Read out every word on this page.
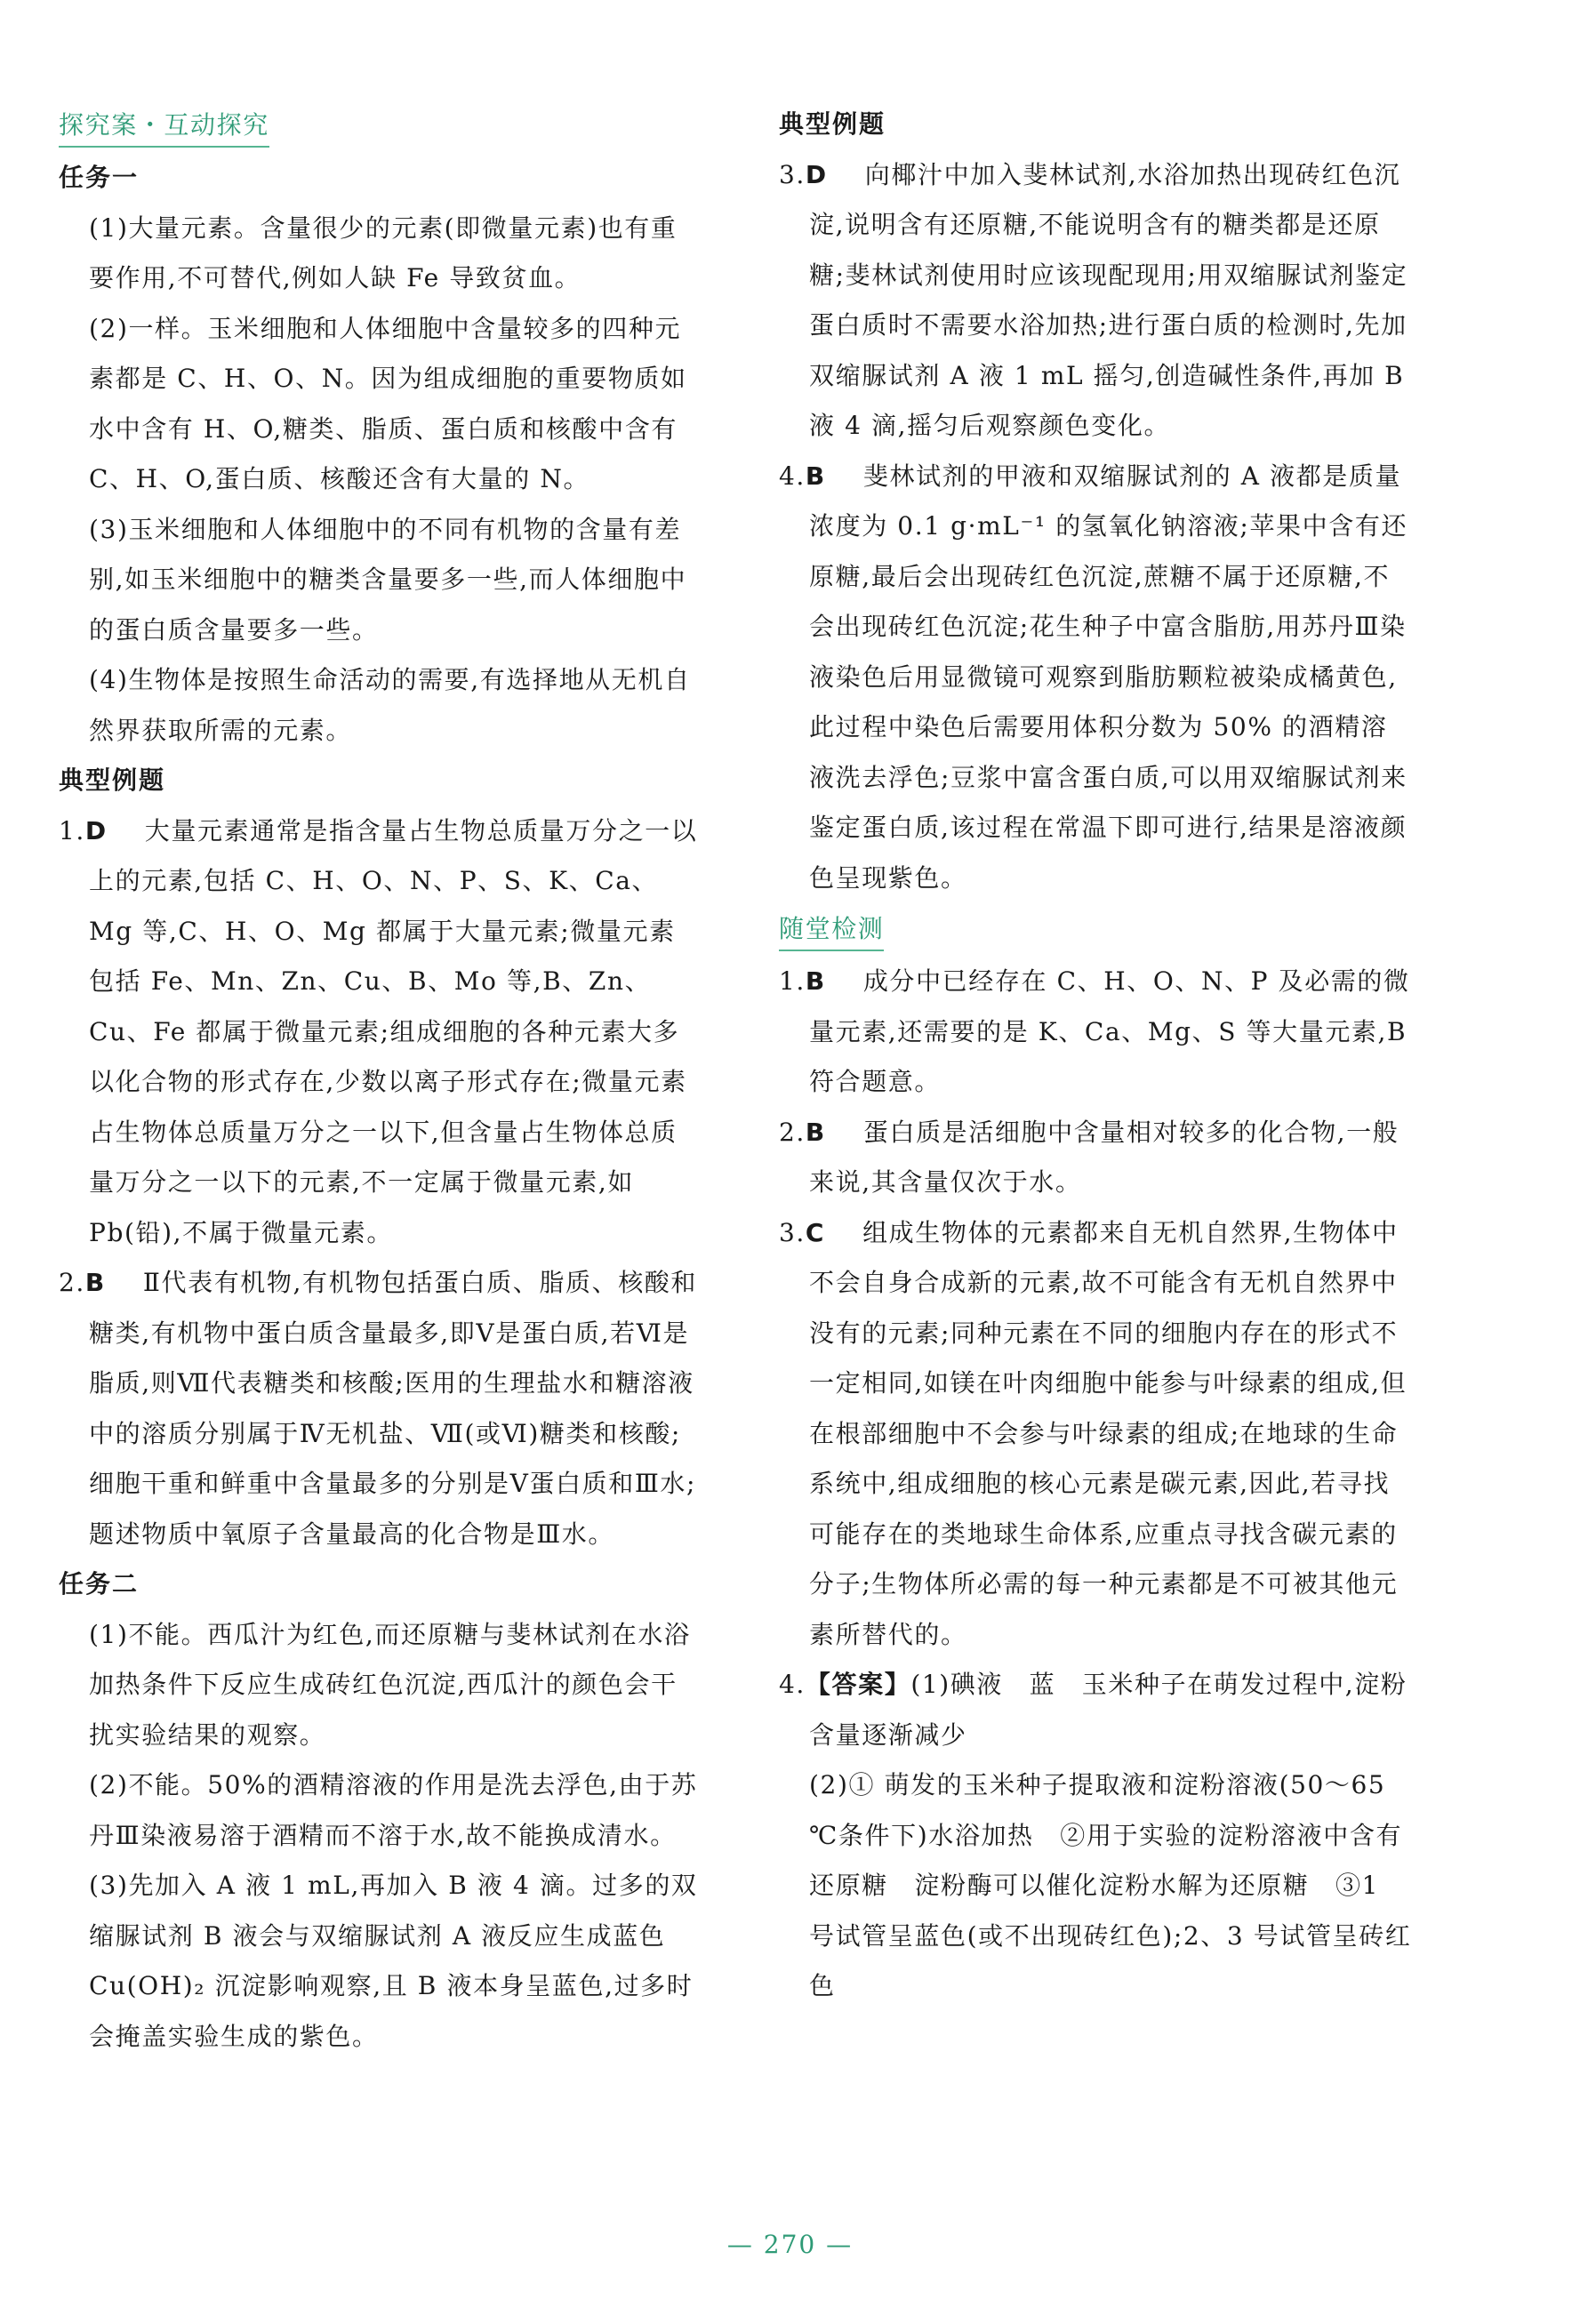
探究案・互动探究
任务一

(1)大量元素。含量很少的元素(即微量元素)也有重要作用,不可替代,例如人缺 Fe 导致贫血。

(2)一样。玉米细胞和人体细胞中含量较多的四种元素都是 C、H、O、N。因为组成细胞的重要物质如水中含有 H、O,糖类、脂质、蛋白质和核酸中含有 C、H、O,蛋白质、核酸还含有大量的 N。

(3)玉米细胞和人体细胞中的不同有机物的含量有差别,如玉米细胞中的糖类含量要多一些,而人体细胞中的蛋白质含量要多一些。

(4)生物体是按照生命活动的需要,有选择地从无机自然界获取所需的元素。

典型例题

1.D 大量元素通常是指含量占生物总质量万分之一以上的元素,包括 C、H、O、N、P、S、K、Ca、Mg 等,C、H、O、Mg 都属于大量元素;微量元素包括 Fe、Mn、Zn、Cu、B、Mo 等,B、Zn、Cu、Fe 都属于微量元素;组成细胞的各种元素大多以化合物的形式存在,少数以离子形式存在;微量元素占生物体总质量万分之一以下,但含量占生物体总质量万分之一以下的元素,不一定属于微量元素,如 Pb(铅),不属于微量元素。

2.B Ⅱ代表有机物,有机物包括蛋白质、脂质、核酸和糖类,有机物中蛋白质含量最多,即Ⅴ是蛋白质,若Ⅵ是脂质,则Ⅶ代表糖类和核酸;医用的生理盐水和糖溶液中的溶质分别属于Ⅳ无机盐、Ⅶ(或Ⅵ)糖类和核酸;细胞干重和鲜重中含量最多的分别是Ⅴ蛋白质和Ⅲ水;题述物质中氧原子含量最高的化合物是Ⅲ水。

任务二

(1)不能。西瓜汁为红色,而还原糖与斐林试剂在水浴加热条件下反应生成砖红色沉淀,西瓜汁的颜色会干扰实验结果的观察。

(2)不能。50%的酒精溶液的作用是洗去浮色,由于苏丹Ⅲ染液易溶于酒精而不溶于水,故不能换成清水。

(3)先加入 A 液 1 mL,再加入 B 液 4 滴。过多的双缩脲试剂 B 液会与双缩脲试剂 A 液反应生成蓝色 Cu(OH)₂ 沉淀影响观察,且 B 液本身呈蓝色,过多时会掩盖实验生成的紫色。

典型例题

3.D 向椰汁中加入斐林试剂,水浴加热出现砖红色沉淀,说明含有还原糖,不能说明含有的糖类都是还原糖;斐林试剂使用时应该现配现用;用双缩脲试剂鉴定蛋白质时不需要水浴加热;进行蛋白质的检测时,先加双缩脲试剂 A 液 1 mL 摇匀,创造碱性条件,再加 B 液 4 滴,摇匀后观察颜色变化。

4.B 斐林试剂的甲液和双缩脲试剂的 A 液都是质量浓度为 0.1 g·mL⁻¹ 的氢氧化钠溶液;苹果中含有还原糖,最后会出现砖红色沉淀,蔗糖不属于还原糖,不会出现砖红色沉淀;花生种子中富含脂肪,用苏丹Ⅲ染液染色后用显微镜可观察到脂肪颗粒被染成橘黄色,此过程中染色后需要用体积分数为 50% 的酒精溶液洗去浮色;豆浆中富含蛋白质,可以用双缩脲试剂来鉴定蛋白质,该过程在常温下即可进行,结果是溶液颜色呈现紫色。

随堂检测

1.B 成分中已经存在 C、H、O、N、P 及必需的微量元素,还需要的是 K、Ca、Mg、S 等大量元素,B 符合题意。

2.B 蛋白质是活细胞中含量相对较多的化合物,一般来说,其含量仅次于水。

3.C 组成生物体的元素都来自无机自然界,生物体中不会自身合成新的元素,故不可能含有无机自然界中没有的元素;同种元素在不同的细胞内存在的形式不一定相同,如镁在叶肉细胞中能参与叶绿素的组成,但在根部细胞中不会参与叶绿素的组成;在地球的生命系统中,组成细胞的核心元素是碳元素,因此,若寻找可能存在的类地球生命体系,应重点寻找含碳元素的分子;生物体所必需的每一种元素都是不可被其他元素所替代的。

4.【答案】(1)碘液　蓝　玉米种子在萌发过程中,淀粉含量逐渐减少

(2)① 萌发的玉米种子提取液和淀粉溶液(50～65 ℃条件下)水浴加热　②用于实验的淀粉溶液中含有还原糖　淀粉酶可以催化淀粉水解为还原糖　③1 号试管呈蓝色(或不出现砖红色);2、3 号试管呈砖红色

— 270 —
